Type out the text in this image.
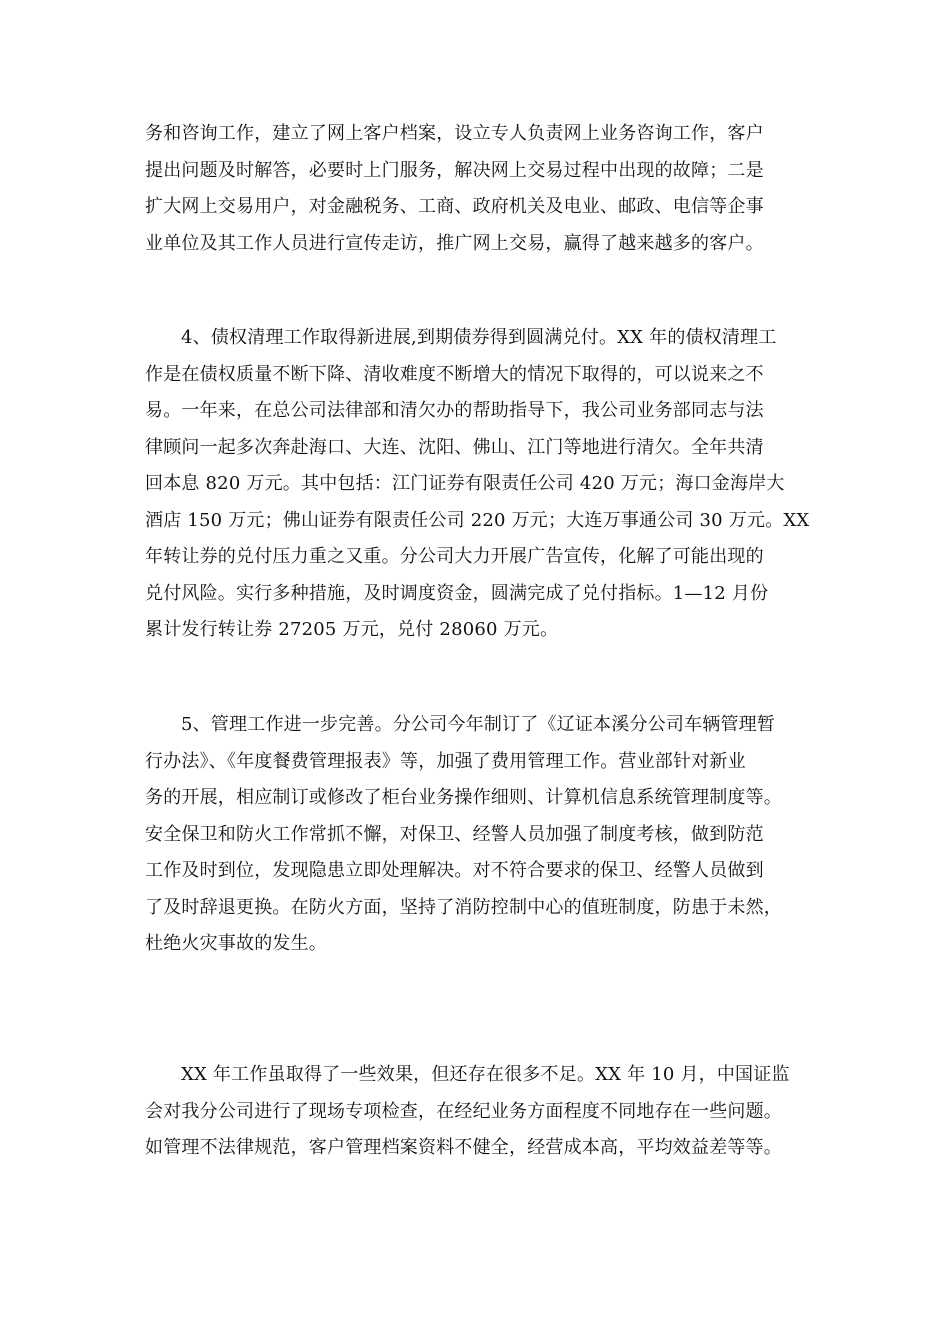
务和咨询工作，建立了网上客户档案，设立专人负责网上业务咨询工作，客户
提出问题及时解答，必要时上门服务，解决网上交易过程中出现的故障；二是
扩大网上交易用户，对金融税务、工商、政府机关及电业、邮政、电信等企事
业单位及其工作人员进行宣传走访，推广网上交易，赢得了越来越多的客户。

4、债权清理工作取得新进展,到期债券得到圆满兑付。XX 年的债权清理工
作是在债权质量不断下降、清收难度不断增大的情况下取得的，可以说来之不
易。一年来，在总公司法律部和清欠办的帮助指导下，我公司业务部同志与法
律顾问一起多次奔赴海口、大连、沈阳、佛山、江门等地进行清欠。全年共清
回本息 820 万元。其中包括：江门证券有限责任公司 420 万元；海口金海岸大
酒店 150 万元；佛山证券有限责任公司 220 万元；大连万事通公司 30 万元。XX
年转让券的兑付压力重之又重。分公司大力开展广告宣传，化解了可能出现的
兑付风险。实行多种措施，及时调度资金，圆满完成了兑付指标。1—12 月份
累计发行转让券 27205 万元，兑付 28060 万元。

5、管理工作进一步完善。分公司今年制订了《辽证本溪分公司车辆管理暂
行办法》、《年度餐费管理报表》等，加强了费用管理工作。营业部针对新业
务的开展，相应制订或修改了柜台业务操作细则、计算机信息系统管理制度等。
安全保卫和防火工作常抓不懈，对保卫、经警人员加强了制度考核，做到防范
工作及时到位，发现隐患立即处理解决。对不符合要求的保卫、经警人员做到
了及时辞退更换。在防火方面，坚持了消防控制中心的值班制度，防患于未然，
杜绝火灾事故的发生。

XX 年工作虽取得了一些效果，但还存在很多不足。XX 年 10 月，中国证监
会对我分公司进行了现场专项检查，在经纪业务方面程度不同地存在一些问题。
如管理不法律规范，客户管理档案资料不健全，经营成本高，平均效益差等等。
